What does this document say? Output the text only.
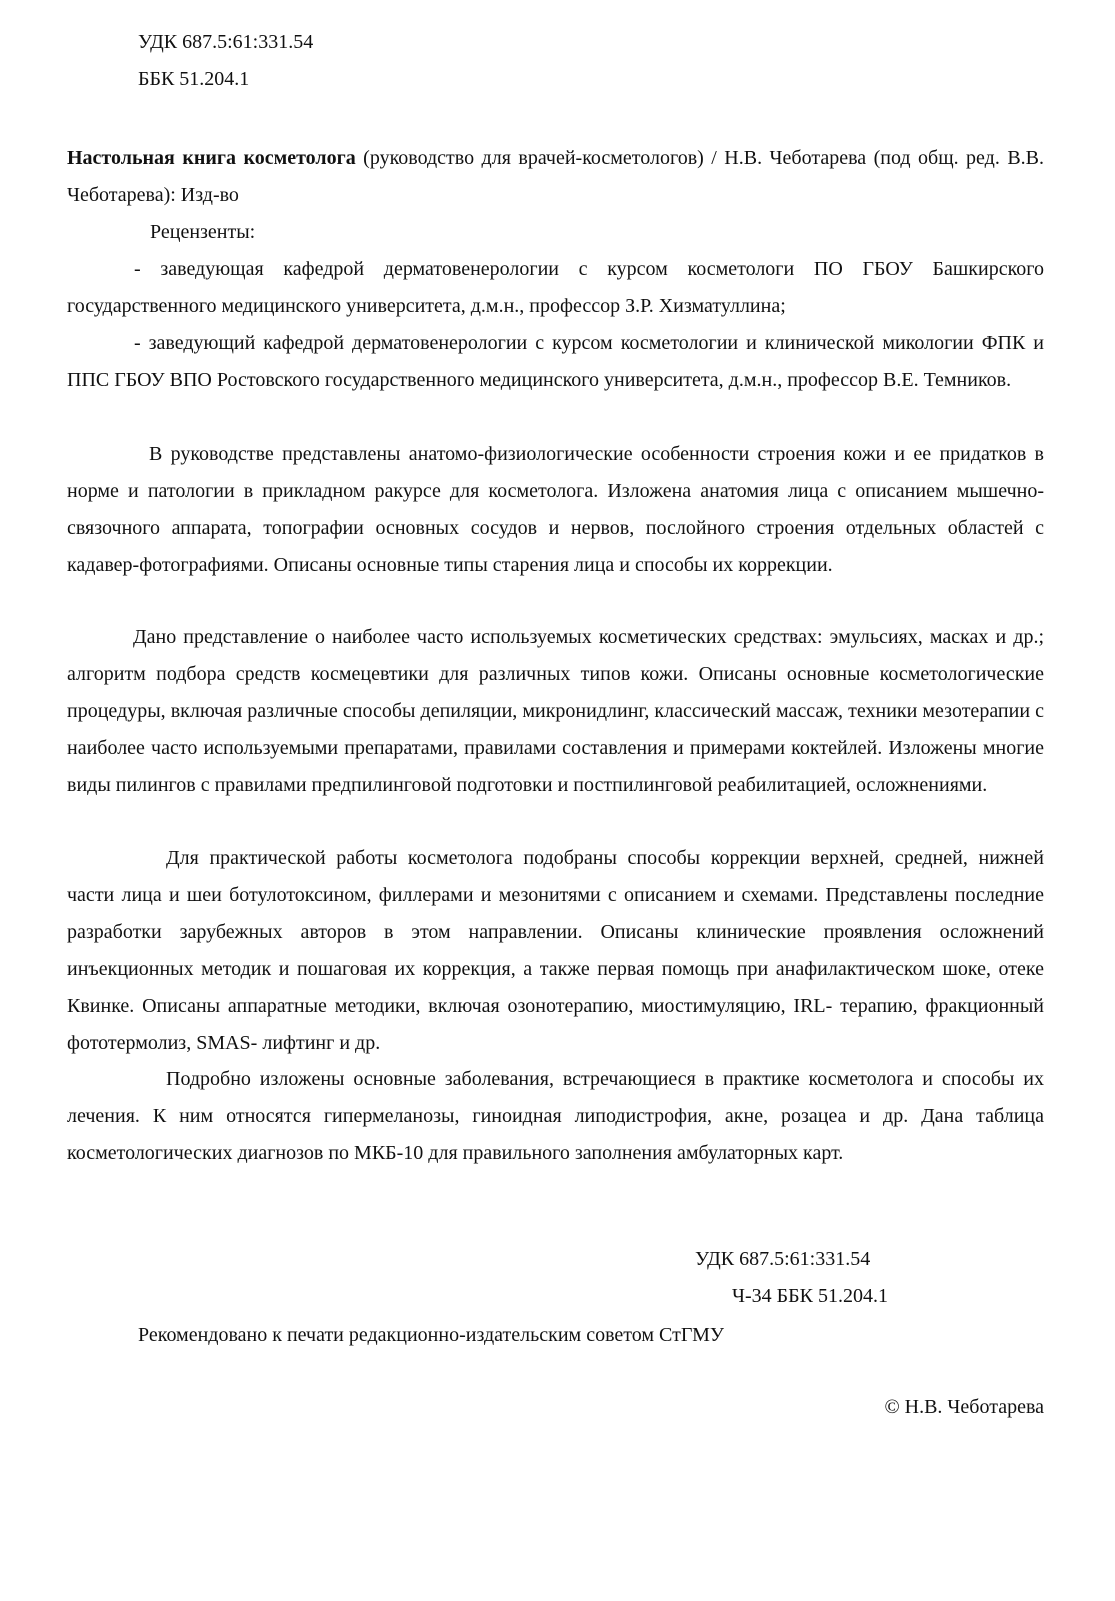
УДК 687.5:61:331.54
ББК 51.204.1

Настольная книга косметолога (руководство для врачей-косметологов) / Н.В. Чеботарева (под общ. ред. В.В. Чеботарева): Изд-во

Рецензенты:

- заведующая кафедрой дерматовенерологии с курсом косметологи ПО ГБОУ Башкирского государственного медицинского университета, д.м.н., профессор З.Р. Хизматуллина;

- заведующий кафедрой дерматовенерологии с курсом косметологии и клинической микологии ФПК и ППС ГБОУ ВПО Ростовского государственного медицинского университета, д.м.н., профессор В.Е. Темников.

В руководстве представлены анатомо-физиологические особенности строения кожи и ее придатков в норме и патологии в прикладном ракурсе для косметолога. Изложена анатомия лица с описанием мышечно-связочного аппарата, топографии основных сосудов и нервов, послойного строения отдельных областей с кадавер-фотографиями. Описаны основные типы старения лица и способы их коррекции.

Дано представление о наиболее часто используемых косметических средствах: эмульсиях, масках и др.; алгоритм подбора средств космецевтики для различных типов кожи. Описаны основные косметологические процедуры, включая различные способы депиляции, микронидлинг, классический массаж, техники мезотерапии с наиболее часто используемыми препаратами, правилами составления и примерами коктейлей. Изложены многие виды пилингов с правилами предпилинговой подготовки и постпилинговой реабилитацией, осложнениями.

Для практической работы косметолога подобраны способы коррекции верхней, средней, нижней части лица и шеи ботулотоксином, филлерами и мезонитями с описанием и схемами. Представлены последние разработки зарубежных авторов в этом направлении. Описаны клинические проявления осложнений инъекционных методик и пошаговая их коррекция, а также первая помощь при анафилактическом шоке, отеке Квинке. Описаны аппаратные методики, включая озонотерапию, миостимуляцию, IRL- терапию, фракционный фототермолиз, SMAS- лифтинг и др.

Подробно изложены основные заболевания, встречающиеся в практике косметолога и способы их лечения. К ним относятся гипермеланозы, гиноидная липодистрофия, акне, розацеа и др. Дана таблица косметологических диагнозов по МКБ-10 для правильного заполнения амбулаторных карт.

УДК 687.5:61:331.54
Ч-34 ББК 51.204.1
Рекомендовано к печати редакционно-издательским советом СтГМУ
© Н.В. Чеботарева
